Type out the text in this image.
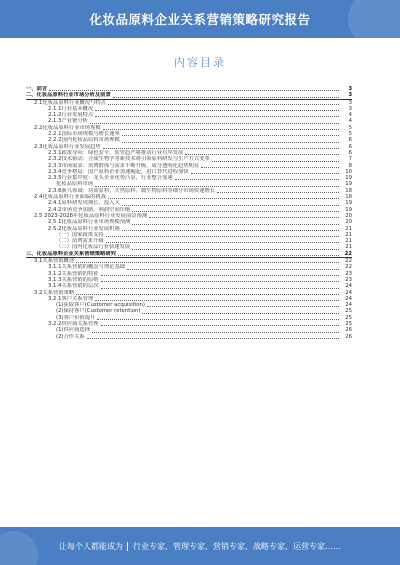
化妆品原料企业关系营销策略研究报告
内容目录
一、前言	3
二、化妆品原料行业市场分析及前景	3
2.1化妆品原料行业概况与特点	3
2.1.1行业基本概况	3
2.1.2行业发展特点	4
2.1.3产业链分析	4
2.2化妆品原料行业市场规模	5
2.2.1国际市场规模与增长速率	5
2.2.2国内化妆品原料市场规模	6
2.3化妆品原料行业发展趋势	6
2.3.1政策导向：绿色安全、监管趋严将推动行业有序发展	6
2.3.2技术驱动：合成生物学等新技术将引领原料研发与生产方式变革	7
2.3.3市场需求：消费群体与需求不断升级，成分透明化趋势明显	8
2.3.4竞争格局：国产原料企业加速崛起，进口替代进程加快	10
2.3.5行业集中度：龙头企业优势凸显，行业整合加速	19
化妆品原料市场	19
2.3.6新兴领域：功效原料、天然原料、微生物原料等细分市场快速增长	18
2.4化妆品原料行业面临的挑战	18
2.4.1原料研发周期长、投入大	19
2.4.2市场竞争加剧，利润空间压缩	19
2.5 2023-2028年化妆品原料行业发展前景预测	20
2.5.1化妆品原料行业市场规模预测	20
2.5.2化妆品原料行业发展机遇	21
（一）国家政策支持	21
（二）消费需求升级	21
（三）国内化妆品行业快速发展	21
三、化妆品原料企业关系营销策略研究	22
3.1关系营销概述	22
3.1.1关系营销的概念与理论基础	22
3.1.2关系营销的特征	23
3.1.3关系营销的原则	23
3.1.4关系营销的层次	24
3.2关系营销策略	24
3.2.1客户关系管理	24
(1)获取客户(Customer acquisition)	24
(2)保持客户(Customer retention)	25
(3)客户价值提升	25
3.2.2供应商关系管理	25
(1)供应商选择	26
(2)合作关系	26
让每个人都能成为 行业专家、管理专家、营销专家、战略专家、运营专家……
